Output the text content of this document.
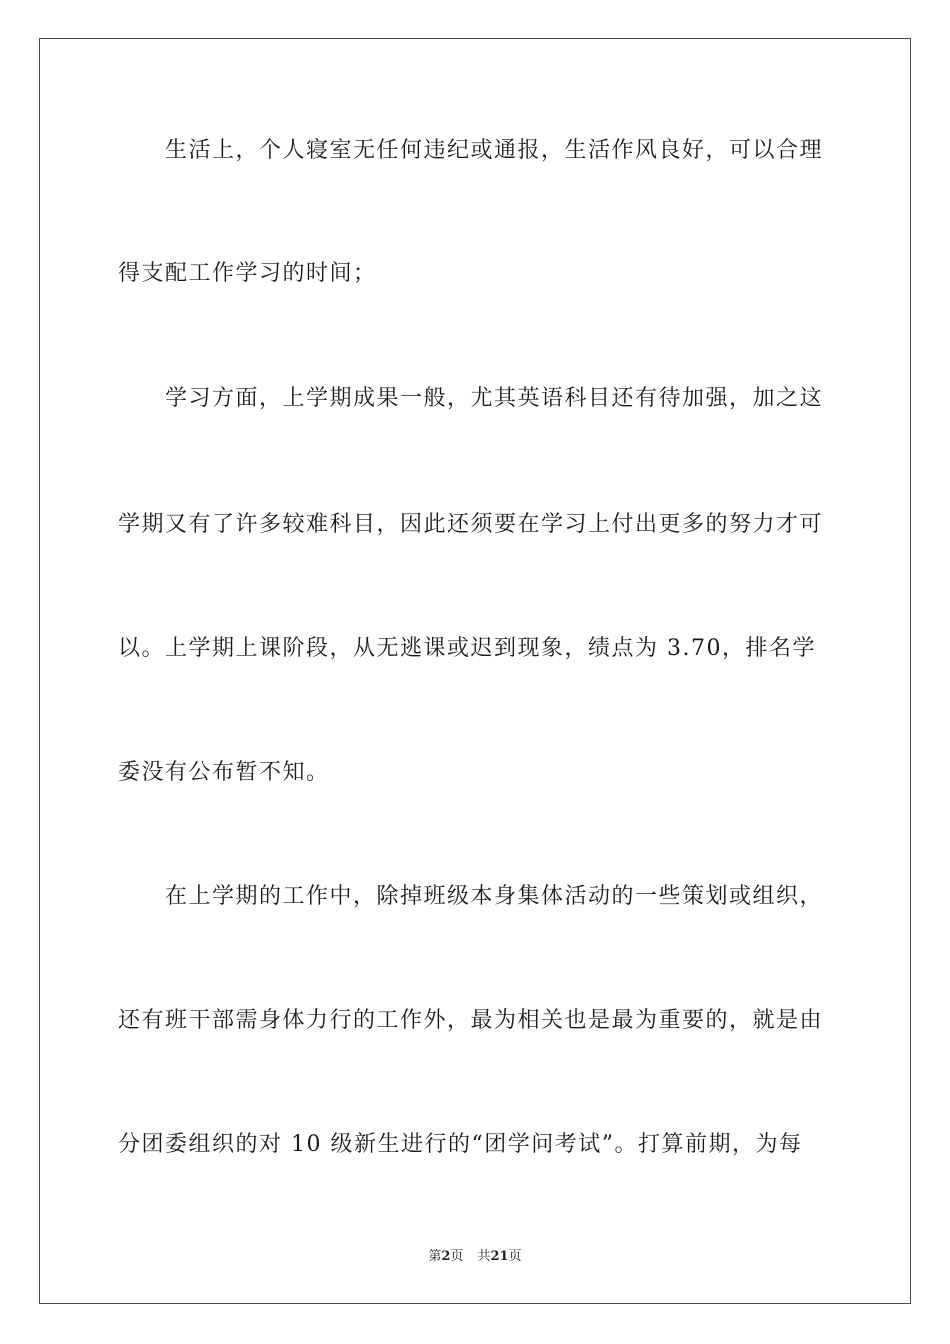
生活上，个人寝室无任何违纪或通报，生活作风良好，可以合理
得支配工作学习的时间；
学习方面，上学期成果一般，尤其英语科目还有待加强，加之这
学期又有了许多较难科目，因此还须要在学习上付出更多的努力才可
以。上学期上课阶段，从无逃课或迟到现象，绩点为 3.70，排名学
委没有公布暂不知。
在上学期的工作中，除掉班级本身集体活动的一些策划或组织，
还有班干部需身体力行的工作外，最为相关也是最为重要的，就是由
分团委组织的对 10 级新生进行的“团学问考试”。打算前期，为每
第2页 共21页
